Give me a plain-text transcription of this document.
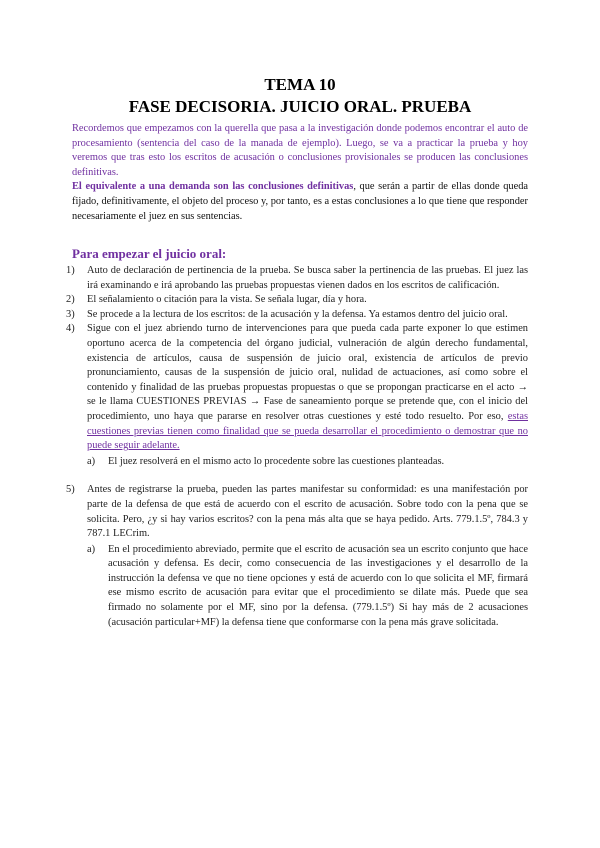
TEMA 10
FASE DECISORIA. JUICIO ORAL. PRUEBA

Recordemos que empezamos con la querella que pasa a la investigación donde podemos encontrar el auto de procesamiento (sentencia del caso de la manada de ejemplo). Luego, se va a practicar la prueba y hoy veremos que tras esto los escritos de acusación o conclusiones provisionales se producen las conclusiones definitivas.

El equivalente a una demanda son las conclusiones definitivas, que serán a partir de ellas donde queda fijado, definitivamente, el objeto del proceso y, por tanto, es a estas conclusiones a lo que tiene que responder necesariamente el juez en sus sentencias.

Para empezar el juicio oral:
1) Auto de declaración de pertinencia de la prueba. Se busca saber la pertinencia de las pruebas. El juez las irá examinando e irá aprobando las pruebas propuestas vienen dados en los escritos de calificación.
2) El señalamiento o citación para la vista. Se señala lugar, día y hora.
3) Se procede a la lectura de los escritos: de la acusación y la defensa. Ya estamos dentro del juicio oral.
4) Sigue con el juez abriendo turno de intervenciones para que pueda cada parte exponer lo que estimen oportuno acerca de la competencia del órgano judicial, vulneración de algún derecho fundamental, existencia de artículos, causa de suspensión de juicio oral, existencia de artículos de previo pronunciamiento, causas de la suspensión de juicio oral, nulidad de actuaciones, así como sobre el contenido y finalidad de las pruebas propuestas propuestas o que se propongan practicarse en el acto → se le llama CUESTIONES PREVIAS → Fase de saneamiento porque se pretende que, con el inicio del procedimiento, uno haya que pararse en resolver otras cuestiones y esté todo resuelto. Por eso, estas cuestiones previas tienen como finalidad que se pueda desarrollar el procedimiento o demostrar que no puede seguir adelante.
a) El juez resolverá en el mismo acto lo procedente sobre las cuestiones planteadas.
5) Antes de registrarse la prueba, pueden las partes manifestar su conformidad: es una manifestación por parte de la defensa de que está de acuerdo con el escrito de acusación. Sobre todo con la pena que se solicita. Pero, ¿y si hay varios escritos? con la pena más alta que se haya pedido. Arts. 779.1.5º, 784.3 y 787.1 LECrim.
a) En el procedimiento abreviado, permite que el escrito de acusación sea un escrito conjunto que hace acusación y defensa. Es decir, como consecuencia de las investigaciones y el desarrollo de la instrucción la defensa ve que no tiene opciones y está de acuerdo con lo que solicita el MF, firmará ese mismo escrito de acusación para evitar que el procedimiento se dilate más. Puede que sea firmado no solamente por el MF, sino por la defensa. (779.1.5º) Si hay más de 2 acusaciones (acusación particular+MF) la defensa tiene que conformarse con la pena más grave solicitada.
